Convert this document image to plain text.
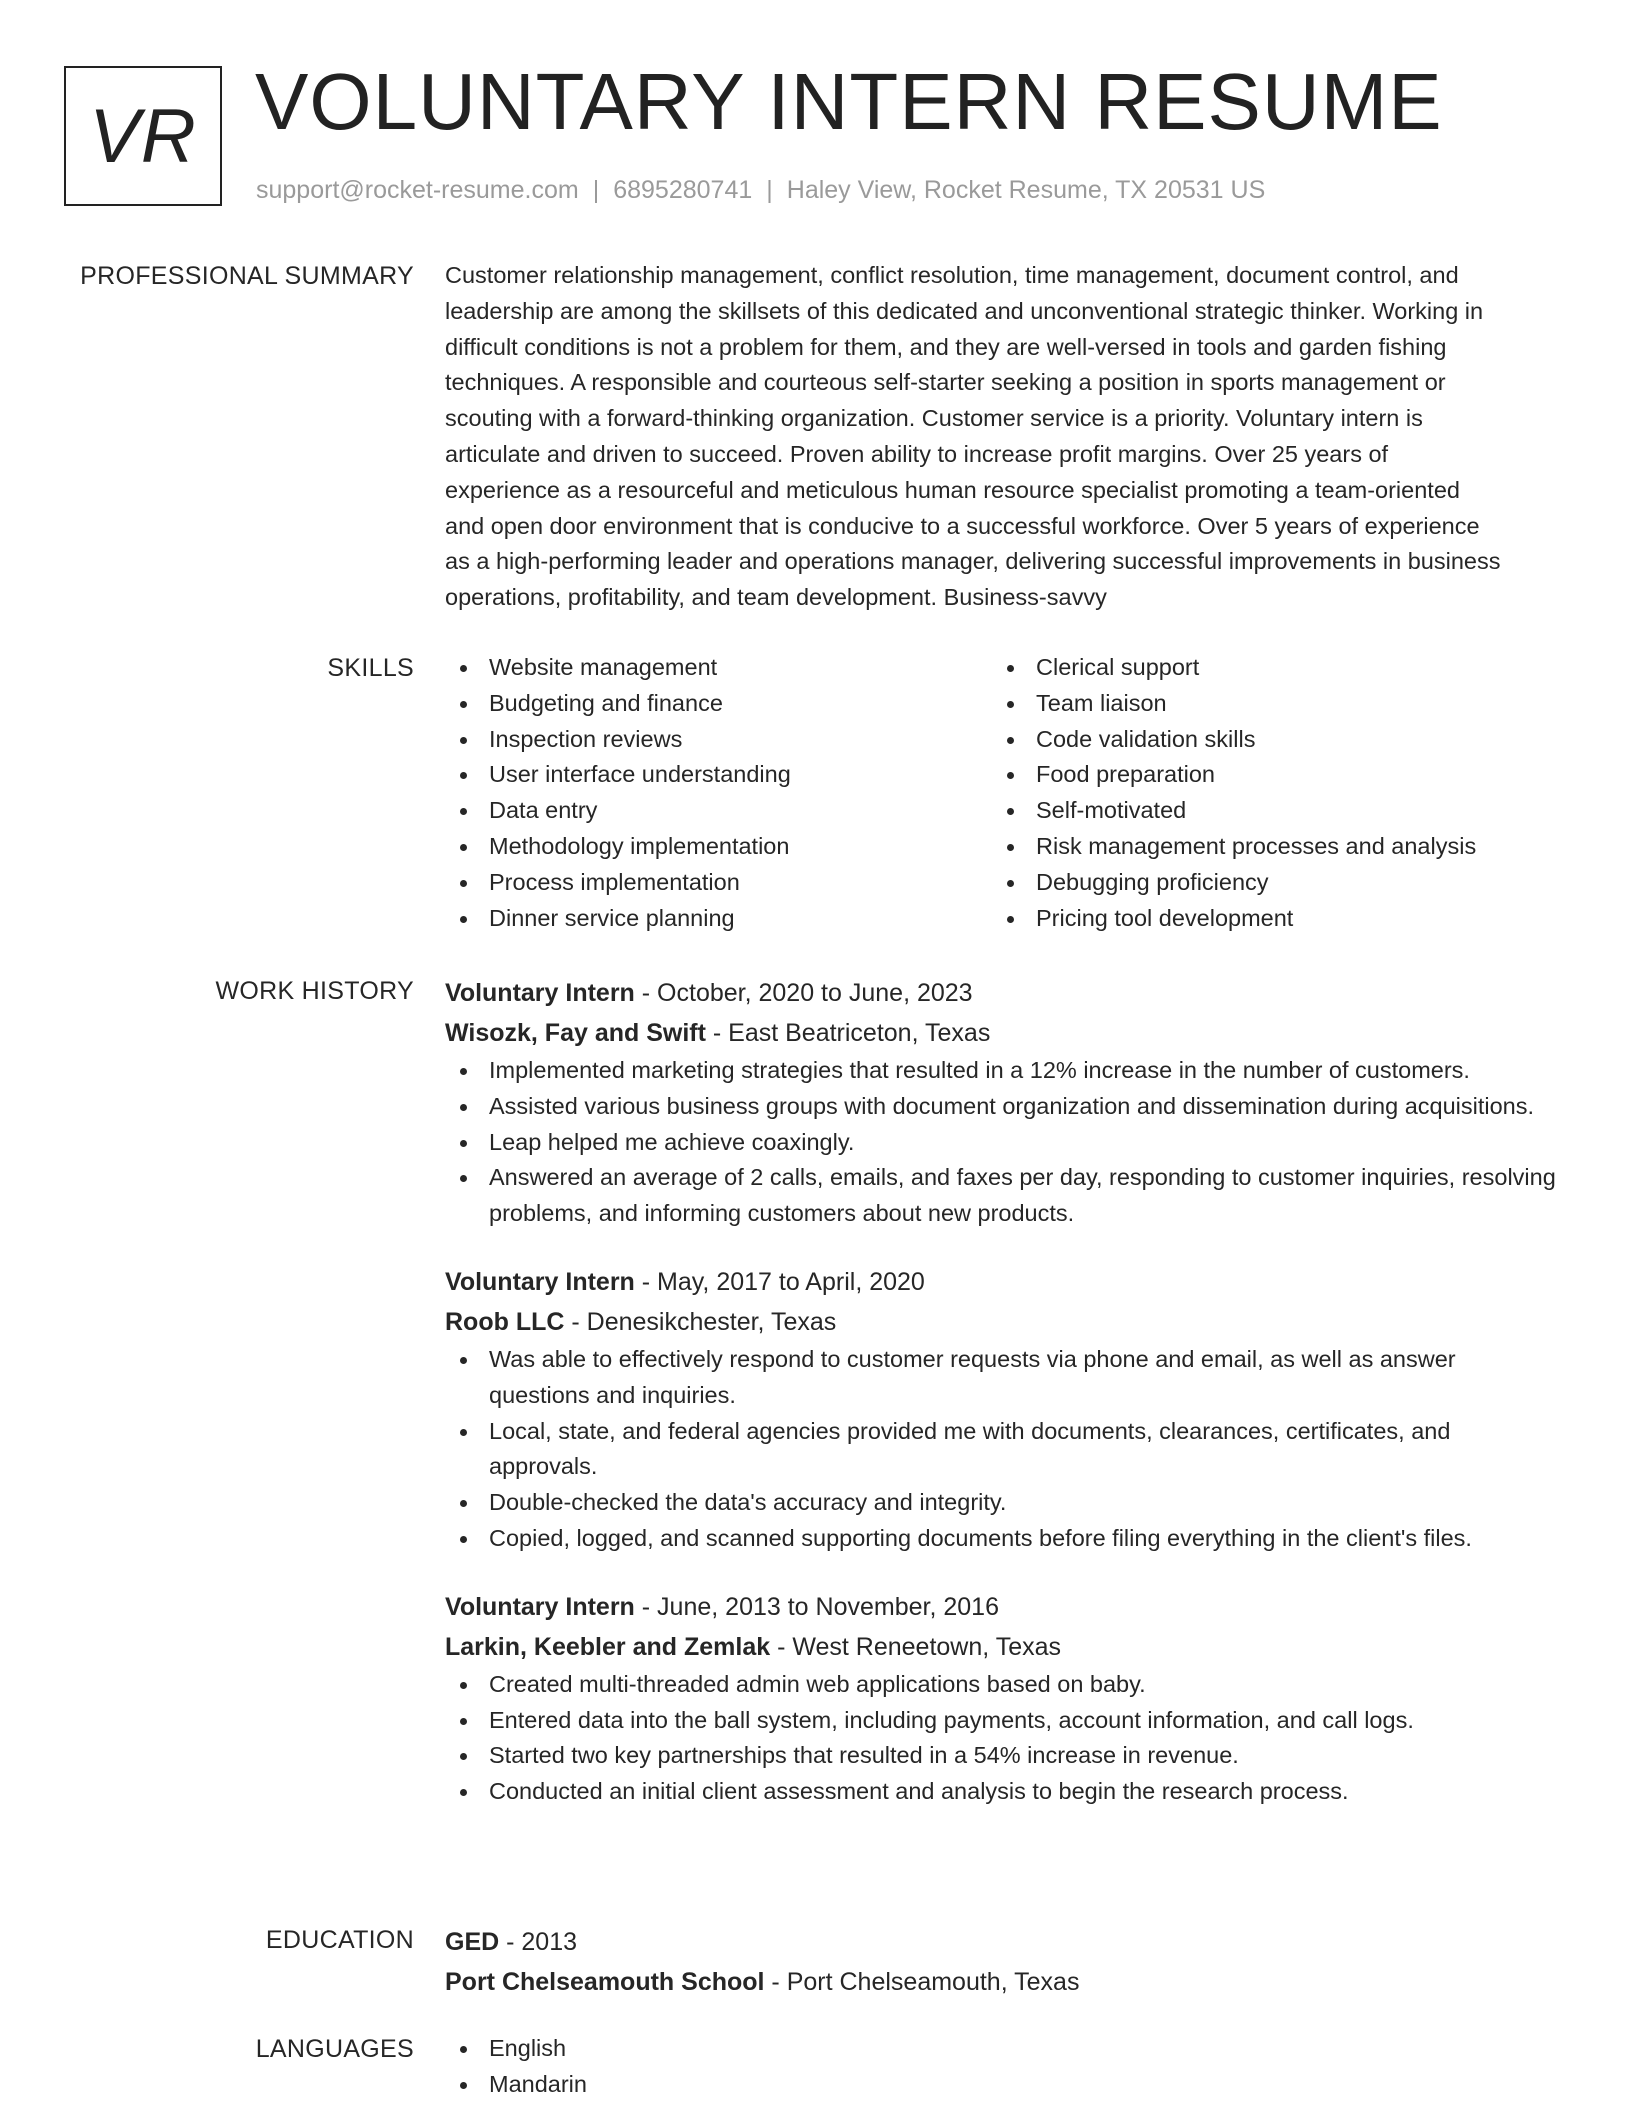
VR VOLUNTARY INTERN RESUME
support@rocket-resume.com | 6895280741 | Haley View, Rocket Resume, TX 20531 US
PROFESSIONAL SUMMARY Customer relationship management, conflict resolution, time management, document control, and
leadership are among the skillsets of this dedicated and unconventional strategic thinker. Working in
difficult conditions is not a problem for them, and they are well-versed in tools and garden fishing
techniques. A responsible and courteous self-starter seeking a position in sports management or
scouting with a forward-thinking organization. Customer service is a priority. Voluntary intern is
articulate and driven to succeed. Proven ability to increase profit margins. Over 25 years of
experience as a resourceful and meticulous human resource specialist promoting a team-oriented
and open door environment that is conducive to a successful workforce. Over 5 years of experience
as a high-performing leader and operations manager, delivering successful improvements in business
operations, profitability, and team development. Business-savvy

SKILLS	Website management
Budgeting and finance
Inspection reviews
User interface understanding
Data entry
Methodology implementation
Process implementation
Dinner service planning
Clerical support
Team liaison
Code validation skills
Food preparation
Self-motivated
Risk management processes and analysis
Debugging proficiency
Pricing tool development
WORK HISTORY Voluntary Intern - October, 2020 to June, 2023
Wisozk, Fay and Swift - East Beatriceton, Texas
Implemented marketing strategies that resulted in a 12% increase in the number of customers.
Assisted various business groups with document organization and dissemination during acquisitions.
Leap helped me achieve coaxingly.
Answered an average of 2 calls, emails, and faxes per day, responding to customer inquiries, resolving problems, and informing customers about new products.
Voluntary Intern - May, 2017 to April, 2020
Roob LLC - Denesikchester, Texas
Was able to effectively respond to customer requests via phone and email, as well as answer questions and inquiries.
Local, state, and federal agencies provided me with documents, clearances, certificates, and approvals.
Double-checked the data's accuracy and integrity.
Copied, logged, and scanned supporting documents before filing everything in the client's files.
Voluntary Intern - June, 2013 to November, 2016
Larkin, Keebler and Zemlak - West Reneetown, Texas
Created multi-threaded admin web applications based on baby.
Entered data into the ball system, including payments, account information, and call logs.
Started two key partnerships that resulted in a 54% increase in revenue.
Conducted an initial client assessment and analysis to begin the research process.
EDUCATION GED - 2013
Port Chelseamouth School - Port Chelseamouth, Texas
LANGUAGES	English
Mandarin
